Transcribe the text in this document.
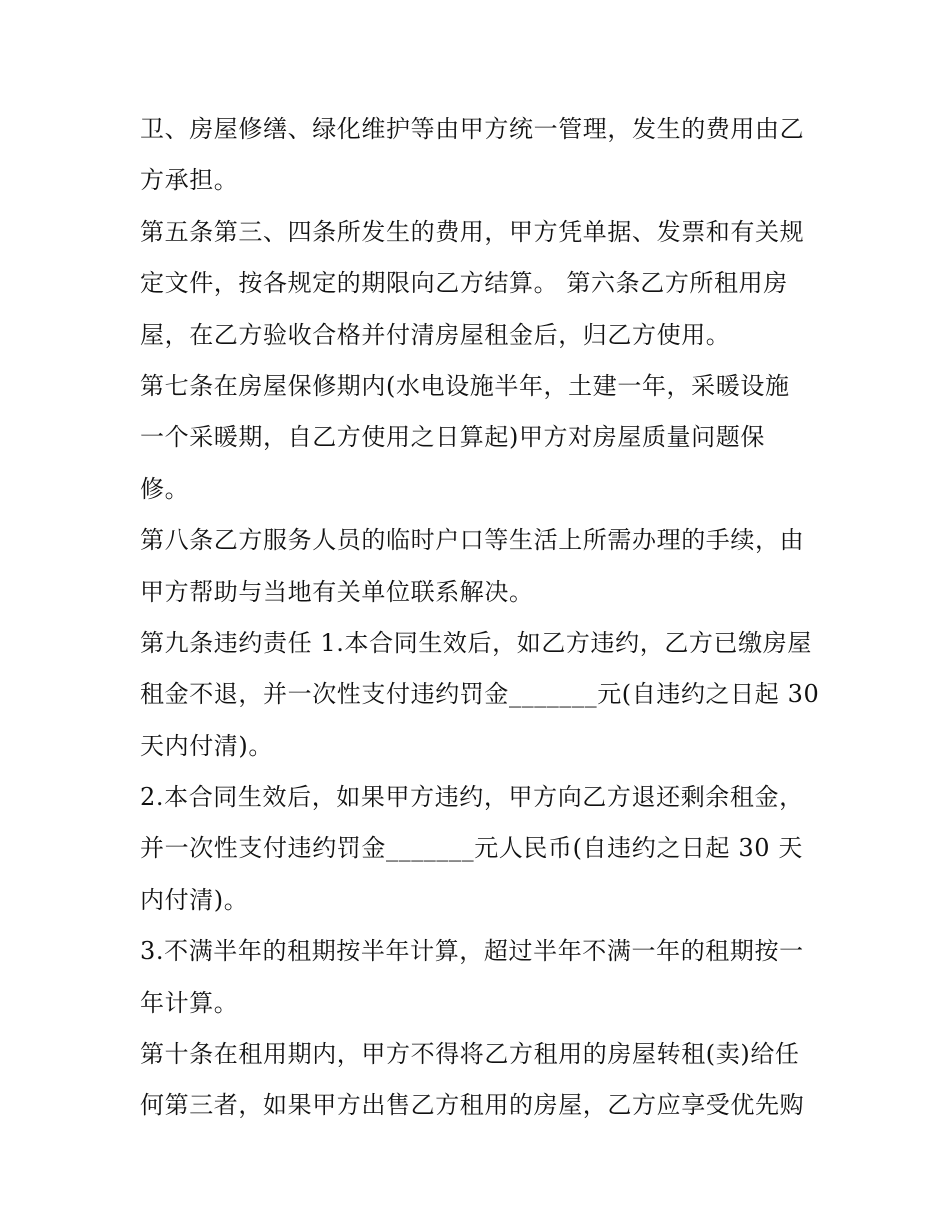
卫、房屋修缮、绿化维护等由甲方统一管理，发生的费用由乙
方承担。
第五条第三、四条所发生的费用，甲方凭单据、发票和有关规
定文件，按各规定的期限向乙方结算。 第六条乙方所租用房
屋，在乙方验收合格并付清房屋租金后，归乙方使用。
第七条在房屋保修期内(水电设施半年，土建一年，采暖设施
一个采暖期，自乙方使用之日算起)甲方对房屋质量问题保
修。
第八条乙方服务人员的临时户口等生活上所需办理的手续，由
甲方帮助与当地有关单位联系解决。
第九条违约责任 1.本合同生效后，如乙方违约，乙方已缴房屋
租金不退，并一次性支付违约罚金_______元(自违约之日起 30
天内付清)。
2.本合同生效后，如果甲方违约，甲方向乙方退还剩余租金，
并一次性支付违约罚金_______元人民币(自违约之日起 30 天
内付清)。
3.不满半年的租期按半年计算，超过半年不满一年的租期按一
年计算。
第十条在租用期内，甲方不得将乙方租用的房屋转租(卖)给任
何第三者，如果甲方出售乙方租用的房屋，乙方应享受优先购
